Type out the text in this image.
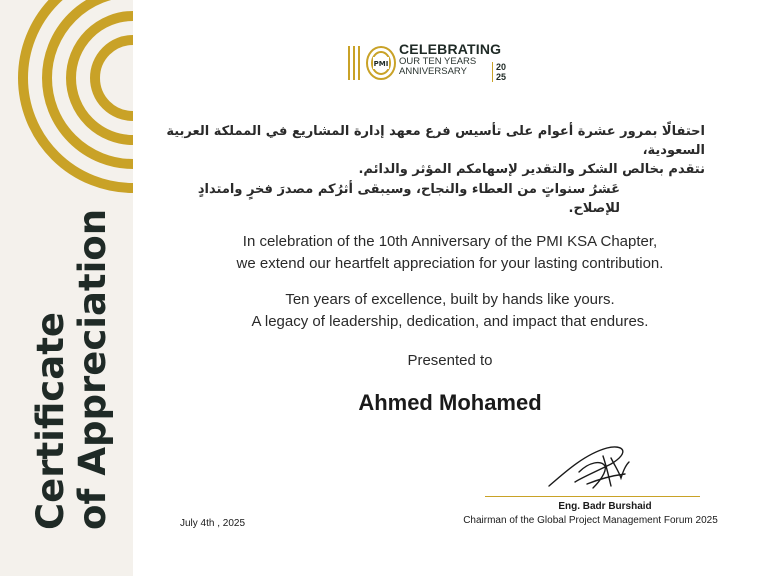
Certificate of Appreciation
PMI
CELEBRATING
OUR TEN YEARS
ANNIVERSARY	20
25
احتفالًا بمرور عشرة أعوام على تأسيس فرع معهد إدارة المشاريع في المملكة العربية السعودية،
نتقدم بخالص الشكر والتقدير لإسهامكم المؤثر والدائم.
عَشرُ سنواتٍ من العطاء والنجاح، وسيبقى أثرُكم مصدرَ فخرٍ وامتدادٍ للإصلاح.
In celebration of the 10th Anniversary of the PMI KSA Chapter,
we extend our heartfelt appreciation for your lasting contribution.
Ten years of excellence, built by hands like yours.
A legacy of leadership, dedication, and impact that endures.
Presented to
Ahmed Mohamed
Eng. Badr Burshaid
Chairman of the Global Project Management Forum 2025
July 4th , 2025
